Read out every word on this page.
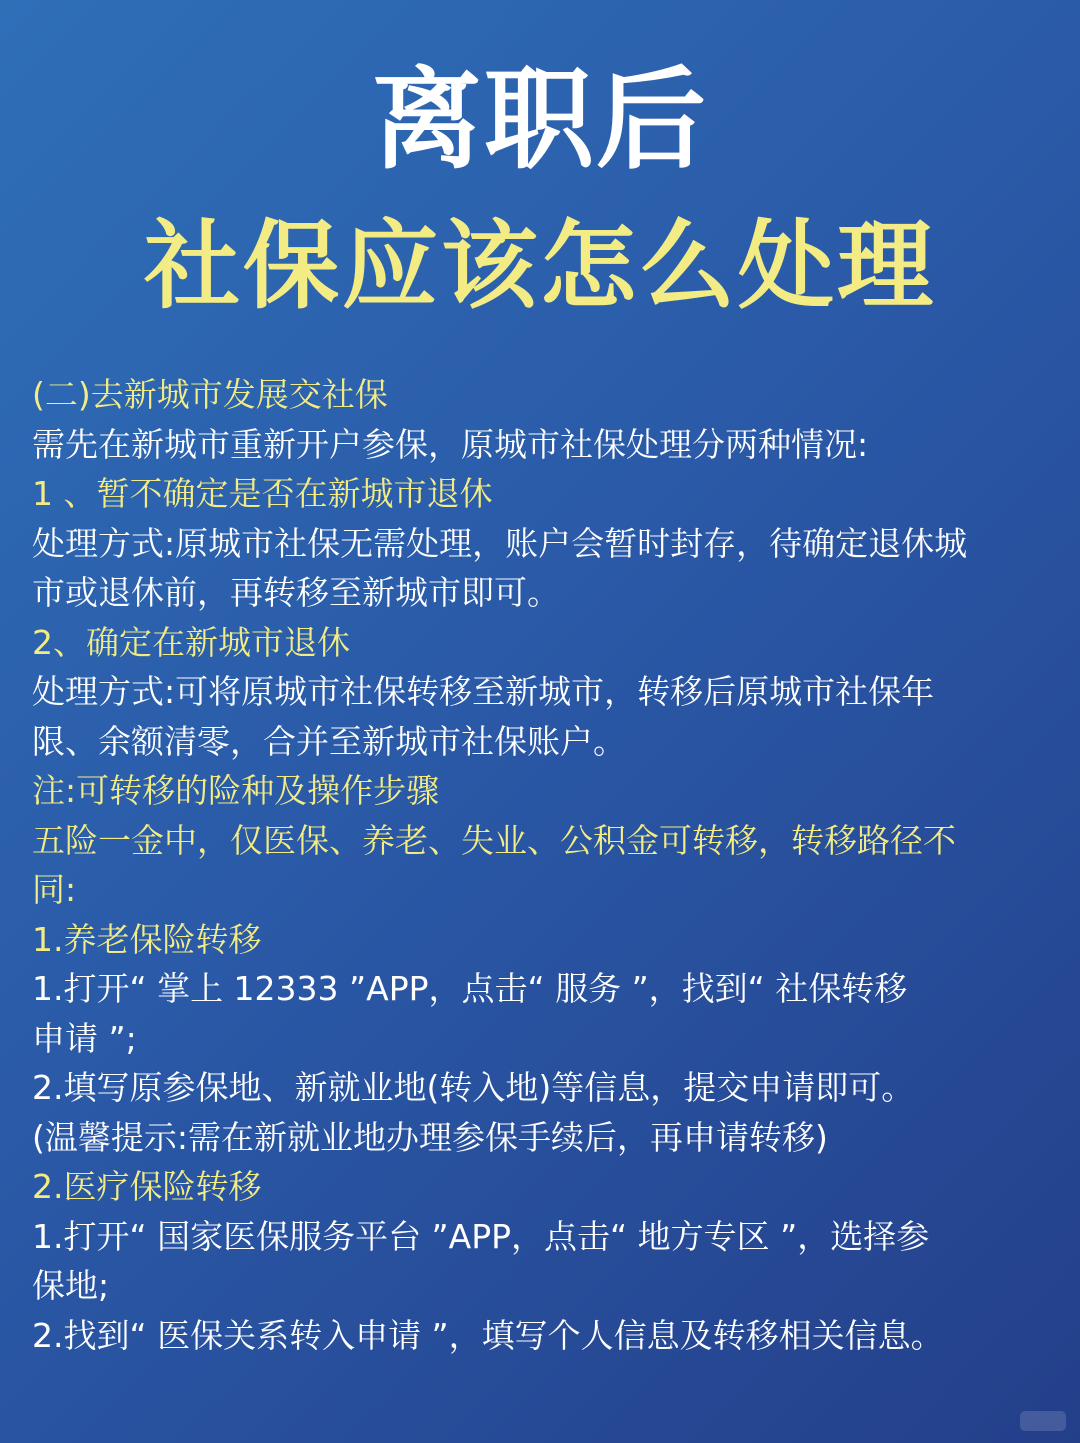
离职后
社保应该怎么处理
(二)去新城市发展交社保
需先在新城市重新开户参保，原城市社保处理分两种情况:
1 、暂不确定是否在新城市退休
处理方式:原城市社保无需处理，账户会暂时封存，待确定退休城
市或退休前，再转移至新城市即可。
2、确定在新城市退休
处理方式:可将原城市社保转移至新城市，转移后原城市社保年
限、余额清零，合并至新城市社保账户。
注:可转移的险种及操作步骤
五险一金中，仅医保、养老、失业、公积金可转移，转移路径不
同:
1.养老保险转移
1.打开“ 掌上 12333 ”APP，点击“ 服务 ”，找到“ 社保转移
申请 ”;
2.填写原参保地、新就业地(转入地)等信息，提交申请即可。
(温馨提示:需在新就业地办理参保手续后，再申请转移)
2.医疗保险转移
1.打开“ 国家医保服务平台 ”APP，点击“ 地方专区 ”，选择参
保地;
2.找到“ 医保关系转入申请 ”，填写个人信息及转移相关信息。
